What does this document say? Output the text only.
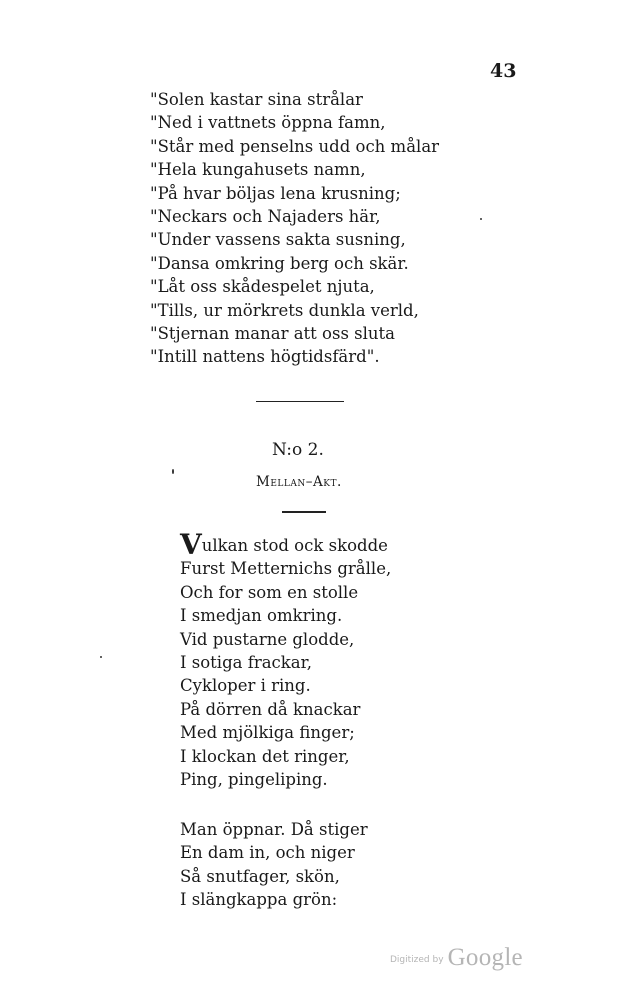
43
"Solen kastar sina strålar
"Ned i vattnets öppna famn,
"Står med penselns udd och målar
"Hela kungahusets namn,
"På hvar böljas lena krusning;
"Neckars och Najaders här,
"Under vassens sakta susning,
"Dansa omkring berg och skär.
"Låt oss skådespelet njuta,
"Tills, ur mörkrets dunkla verld,
"Stjernan manar att oss sluta
"Intill nattens högtidsfärd".
N:o 2.
Mellan–Akt.
Vulkan stod ock skodde
Furst Metternichs grålle,
Och for som en stolle
I smedjan omkring.
Vid pustarne glodde,
I sotiga frackar,
Cykloper i ring.
På dörren då knackar
Med mjölkiga finger;
I klockan det ringer,
Ping, pingeliping.
Man öppnar. Då stiger
En dam in, och niger
Så snutfager, skön,
I slängkappa grön:
Digitized by Google
